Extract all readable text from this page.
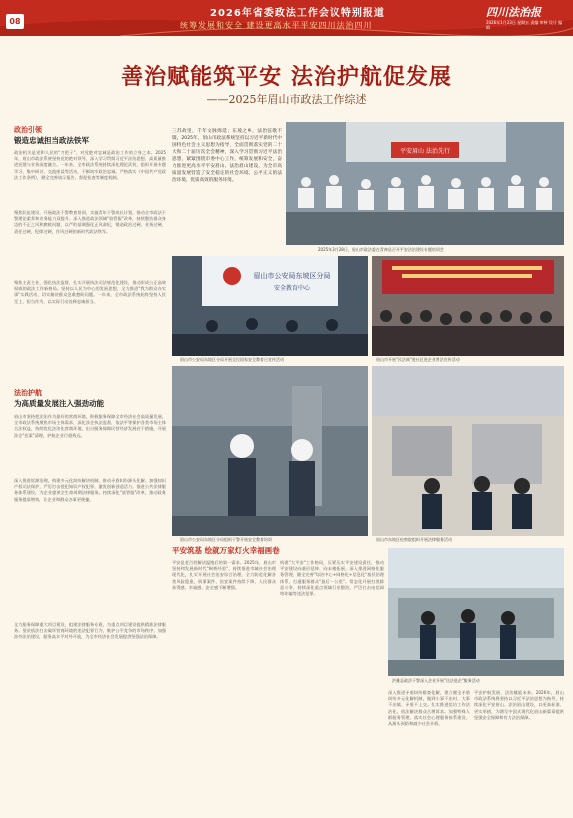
08
2026年省委政法工作会议特别报道
统筹发展和安全 建设更高水平平安四川法治四川
四川法治报
2026年1月23日 星期五 责编 审核 设计 编辑
善治赋能筑平安 法治护航促发展
——2025年眉山市政法工作综述
政治引领
锻造忠诚担当政法铁军
政治机关是党和人民的"刀把子"，对党绝对忠诚是政治工作的立身之本。2025年，眉山市政法系统坚持党的绝对领导，深入学习贯彻习近平法治思想，高质量推进党建与业务深度融合。一年来，全市政法系统持续深化理论武装，组织开展专题学习、集中研讨、交流座谈等活动，不断筑牢政治忠诚。严格落实《中国共产党政法工作条例》，健全完善请示报告、督促检查等制度机制。
聚焦队伍建设，开展政法干警教育培训，实施青年干警成长计划，推动全市政法干警理论素养和业务能力双提升。深入推进政法领域"放管服"改革，持续整治群众身边的不正之风和腐败问题，以严的基调强化正风肃纪，锻造政治过硬、业务过硬、责任过硬、纪律过硬、作风过硬的新时代政法铁军。
聚焦主责主业，强化执法监督，扎实开展执法司法规范化建设，推动形成公正高效权威的政法工作新格局。坚持以人民为中心的发展思想，全力推进"我为群众办实事"实践活动，切实解决群众急难愁盼问题。一年来，全市政法系统始终坚持人民至上、担当作为，以实际行动诠释忠诚担当。
法治护航
为高质量发展注入强劲动能
眉山市坚持把法治作为最好的营商环境，积极服务保障全市经济社会高质量发展。全市政法系统聚焦市场主体需求，深化涉企执法监督，依法平等保护各类市场主体合法权益，持续优化法治化营商环境。出台服务保障民营经济发展若干措施，开展涉企"挂案"清理，护航企业行稳致远。
深入推进诉源治理，构建多元化纠纷解决机制，推动矛盾纠纷源头化解。加强知识产权司法保护，严厉打击侵犯知识产权犯罪，激发创新创造活力。推进公共法律服务体系建设，为企业提供全生命周期法律服务。持续深化"放管服"改革，推动政务服务提质增效，让企业和群众办事更便捷。
全力服务保障重大项目建设，组建法律服务专班，为重点项目建设提供精准法律服务。坚决依法打击破坏营商环境的违法犯罪行为，维护公平竞争的市场秩序。加强涉外法治建设，服务高水平对外开放，为全市经济社会发展提供坚强法治保障。
三苏故里，千年文脉绵延；东坡之乡，法治弦歌不辍。2025年，眉山市政法系统坚持以习近平新时代中国特色社会主义思想为指导，全面贯彻落实党的二十大和二十届历次全会精神，深入学习贯彻习近平法治思想，紧紧围绕市委中心工作，统筹发展和安全，奋力推进更高水平平安眉山、法治眉山建设，为全市高质量发展营造了安全稳定的社会环境、公平正义的法治环境、优质高效的服务环境。
平安眉山 法治先行
2025年3月28日，眉山市政法委在青神县召开平安法治建设专题培训会
眉山市公安局东坡区分局
安全教育中心
眉山市公安局东坡区分局开展全民国家安全教育日宣传活动	眉山市开展"民法典"进社区进企业普法宣传活动
眉山市公安局东坡区分局组织干警开展安全教育培训	眉山市东坡区检察院组织开展法律服务活动
平安筑基 绘就万家灯火幸福画卷
平安是老百姓解决温饱后的第一需求。2025年，眉山市坚持和发展新时代"枫桥经验"，持续推进市域社会治理现代化，扎实开展社会治安综合治理，全力防范化解各类风险隐患，刑事案件、治安案件持续下降，人民群众获得感、幸福感、安全感不断增强。
构建"大平安"工作格局，压紧压实平安建设责任，推动平安建设向基层延伸、向末梢拓展。深入推进网格化服务管理，健全完善"综治中心+网格化+信息化"基层治理体系，打通服务群众"最后一公里"。常态化开展扫黑除恶斗争，持续深化重点领域行业整治，严厉打击电信网络诈骗等违法犯罪。
洪雅县政法干警深入企业开展"送法进企"服务活动
深入推进矛盾纠纷排查化解，建立健全矛盾纠纷多元化解机制，做到小事不出村、大事不出镇、矛盾不上交。扎实推进信访工作法治化，依法解决群众合理诉求。加强特殊人群服务管理，落实社会心理服务体系建设，从源头预防和减少社会矛盾。
平安护航发展，法治赋能未来。2026年，眉山市政法系统将坚持以习近平法治思想为指导，持续深化平安眉山、法治眉山建设，以更高标准、更实举措，为谱写中国式现代化眉山新篇章提供坚强安全保障和有力法治保障。
